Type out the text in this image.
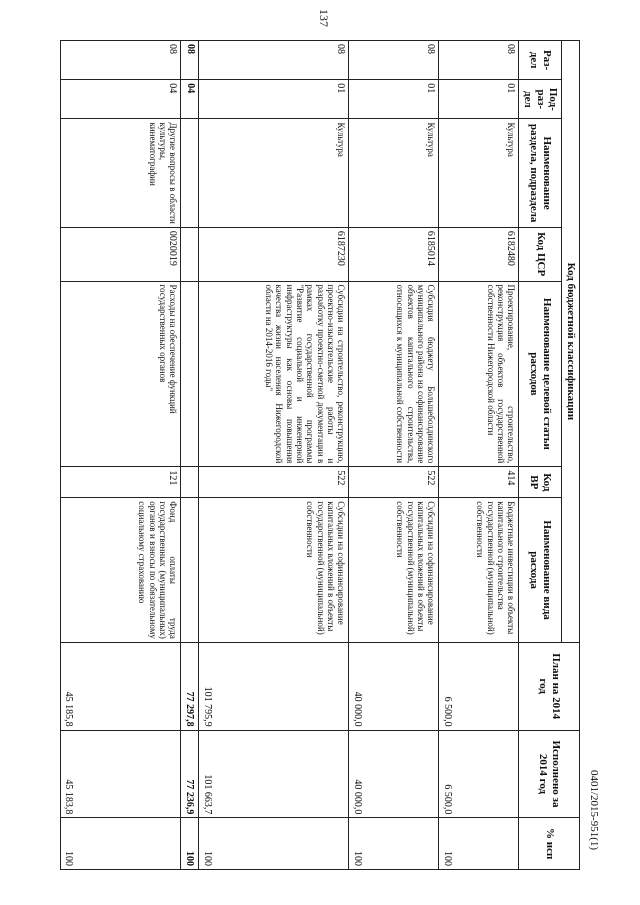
137
Код бюджетной классификации							План на 2014 год	Исполнено за 2014 год	% исп
Раз-дел	Под-раз-дел	Наименование раздела, подраздела	Код ЦСР	Наименование целевой статьи расходов	Код ВР	Наименование вида расхода			
08	01	Культура	6182480	Проектирование, строительство, реконструкция объектов государственной собственности Нижегородской области	414	Бюджетные инвестиции в объекты капитального строительства государственной (муниципальной) собственности	6 500,0	6 500,0	100
08	01	Культура	6185014	Субсидия бюджету Большеболдинского муниципального района на софинансирование объектов капитального строительства, относящихся к муниципальной собственности	522	Субсидии на софинансирование капитальных вложений в объекты государственной (муниципальной) собственности	40 000,0	40 000,0	100
08	01	Культура	6187230	Субсидии на строительство, реконструкцию, проектно-изыскательские работы и разработку проектно-сметной документации в рамках государственной программы "Развитие социальной и инженерной инфраструктуры как основы повышения качества жизни населения Нижегородской области на 2014-2016 годы"	522	Субсидии на софинансирование капитальных вложений в объекты государственной (муниципальной) собственности	101 795,9	101 663,7	100
08	04						77 297,8	77 236,9	100
08	04	Другие вопросы в области культуры, кинематографии	0020019	Расходы на обеспечение функций государственных органов	121	Фонд оплаты труда государственных (муниципальных) органов и взносы по обязательному социальному страхованию	45 185,8	45 183,8	100
0401/2015-951(1)
